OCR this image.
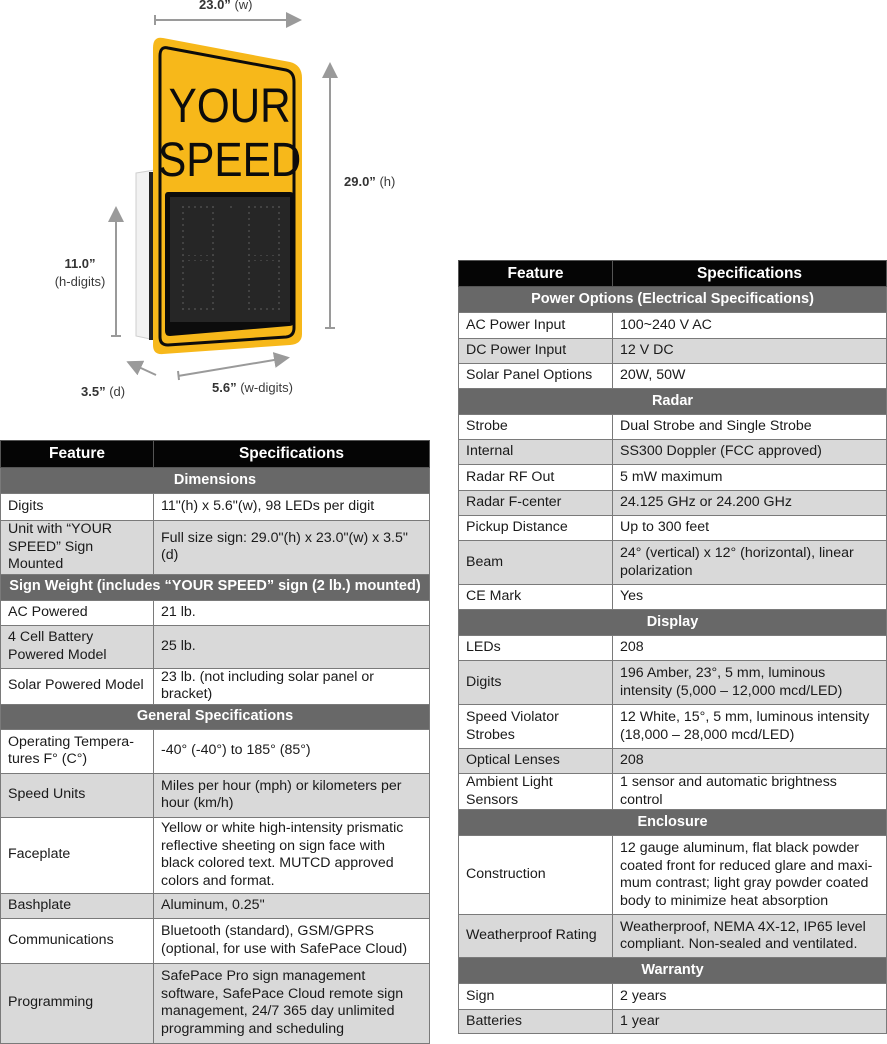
YOUR
SPEED
23.0” (w)
29.0” (h)
11.0”
(h-digits)
3.5” (d)	5.6” (w-digits)
Feature	Specifications
Dimensions	
Digits	11"(h) x 5.6"(w), 98 LEDs per digit
Unit with “YOUR SPEED” Sign Mounted	Full size sign: 29.0"(h) x 23.0"(w) x 3.5"(d)
Sign Weight (includes “YOUR SPEED” sign (2 lb.) mounted)	
AC Powered	21 lb.
4 Cell Battery Powered Model	25 lb.
Solar Powered Model	23 lb. (not including solar panel or bracket)
General Specifications	
Operating Tempera-tures F° (C°)	-40° (-40°) to 185° (85°)
Speed Units	Miles per hour (mph) or kilometers per hour (km/h)
Faceplate	Yellow or white high-intensity prismatic reflective sheeting on sign face with black colored text. MUTCD approved colors and format.
Bashplate	Aluminum, 0.25"
Communications	Bluetooth (standard), GSM/GPRS (optional, for use with SafePace Cloud)
Programming	SafePace Pro sign management software, SafePace Cloud remote sign management, 24/7 365 day unlimited programming and scheduling
Feature	Specifications
Power Options (Electrical Specifications)	
AC Power Input	100~240 V AC
DC Power Input	12 V DC
Solar Panel Options	20W, 50W
Radar	
Strobe	Dual Strobe and Single Strobe
Internal	SS300 Doppler (FCC approved)
Radar RF Out	5 mW maximum
Radar F-center	24.125 GHz or 24.200 GHz
Pickup Distance	Up to 300 feet
Beam	24° (vertical) x 12° (horizontal), linear polarization
CE Mark	Yes
Display	
LEDs	208
Digits	196 Amber, 23°, 5 mm, luminous intensity (5,000 – 12,000 mcd/LED)
Speed Violator Strobes	12 White, 15°, 5 mm, luminous intensity (18,000 – 28,000 mcd/LED)
Optical Lenses	208
Ambient Light Sensors	1 sensor and automatic brightness control
Enclosure	
Construction	12 gauge aluminum, flat black powder coated front for reduced glare and maxi-mum contrast; light gray powder coated body to minimize heat absorption
Weatherproof Rating	Weatherproof, NEMA 4X-12, IP65 level compliant. Non-sealed and ventilated.
Warranty	
Sign	2 years
Batteries	1 year
